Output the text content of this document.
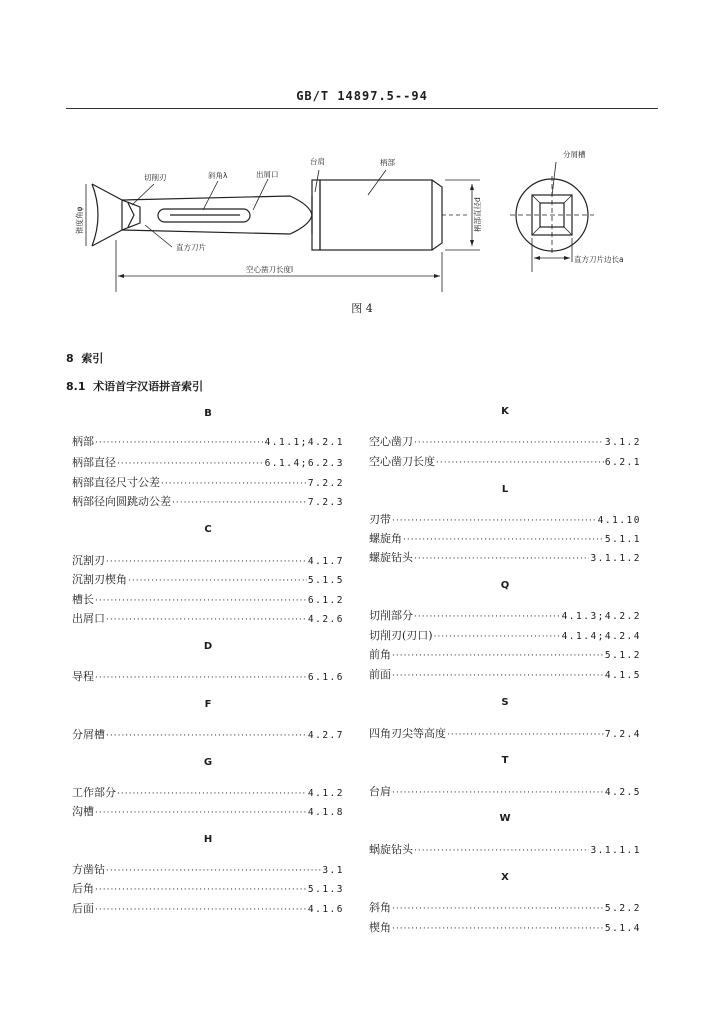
GB/T 14897.5--94
切削刃	斜角λ	出屑口
台肩	柄部
分屑槽
直方刀片
空心凿刀长度l
直方刀片边长a
锥度角φ	柄部直径d
图 4
8 索引
8.1 术语首字汉语拼音索引
B
柄部 ·····	4.1.1;4.2.1
柄部直径 ·····	6.1.4;6.2.3
柄部直径尺寸公差 ·····	7.2.2
柄部径向圆跳动公差 ·····	7.2.3
C
沉割刃 ·····	4.1.7
沉割刃楔角 ·····	5.1.5
槽长 ·····	6.1.2
出屑口 ·····	4.2.6
D
导程 ·····	6.1.6
F
分屑槽 ·····	4.2.7
G
工作部分 ·····	4.1.2
沟槽 ·····	4.1.8
H
方凿钻 ·····	3.1
后角 ·····	5.1.3
后面 ·····	4.1.6
K
空心凿刀 ·····	3.1.2
空心凿刀长度 ·····	6.2.1
L
刃带 ·····	4.1.10
螺旋角 ·····	5.1.1
螺旋钻头 ·····	3.1.1.2
Q
切削部分 ·····	4.1.3;4.2.2
切削刃(刃口) ·····	4.1.4;4.2.4
前角 ·····	5.1.2
前面 ·····	4.1.5
S
四角刃尖等高度 ·····	7.2.4
T
台肩 ·····	4.2.5
W
蜗旋钻头 ·····	3.1.1.1
X
斜角 ·····	5.2.2
楔角 ·····	5.1.4
